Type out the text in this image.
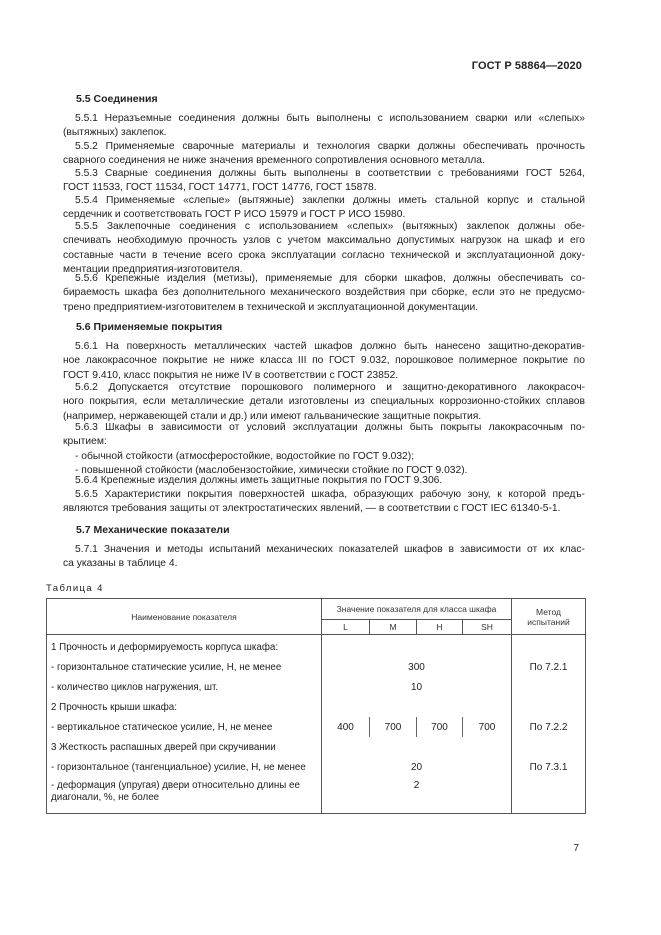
ГОСТ Р 58864—2020
5.5 Соединения
5.5.1 Неразъемные соединения должны быть выполнены с использованием сварки или «слепых»
(вытяжных) заклепок.
5.5.2 Применяемые сварочные материалы и технология сварки должны обеспечивать прочность
сварного соединения не ниже значения временного сопротивления основного металла.
5.5.3 Сварные соединения должны быть выполнены в соответствии с требованиями ГОСТ 5264,
ГОСТ 11533, ГОСТ 11534, ГОСТ 14771, ГОСТ 14776, ГОСТ 15878.
5.5.4 Применяемые «слепые» (вытяжные) заклепки должны иметь стальной корпус и стальной
сердечник и соответствовать ГОСТ Р ИСО 15979 и ГОСТ Р ИСО 15980.
5.5.5 Заклепочные соединения с использованием «слепых» (вытяжных) заклепок должны обе-
спечивать необходимую прочность узлов с учетом максимально допустимых нагрузок на шкаф и его
составные части в течение всего срока эксплуатации согласно технической и эксплуатационной доку-
ментации предприятия-изготовителя.
5.5.6 Крепежные изделия (метизы), применяемые для сборки шкафов, должны обеспечивать со-
бираемость шкафа без дополнительного механического воздействия при сборке, если это не предусмо-
трено предприятием-изготовителем в технической и эксплуатационной документации.
5.6 Применяемые покрытия
5.6.1 На поверхность металлических частей шкафов должно быть нанесено защитно-декоратив-
ное лакокрасочное покрытие не ниже класса III по ГОСТ 9.032, порошковое полимерное покрытие по
ГОСТ 9.410, класс покрытия не ниже IV в соответствии с ГОСТ 23852.
5.6.2 Допускается отсутствие порошкового полимерного и защитно-декоративного лакокрасоч-
ного покрытия, если металлические детали изготовлены из специальных коррозионно-стойких сплавов
(например, нержавеющей стали и др.) или имеют гальванические защитные покрытия.
5.6.3 Шкафы в зависимости от условий эксплуатации должны быть покрыты лакокрасочным по-
крытием:
- обычной стойкости (атмосферостойкие, водостойкие по ГОСТ 9.032);
- повышенной стойкости (маслобензостойкие, химически стойкие по ГОСТ 9.032).
5.6.4 Крепежные изделия должны иметь защитные покрытия по ГОСТ 9.306.
5.6.5 Характеристики покрытия поверхностей шкафа, образующих рабочую зону, к которой предъ-
являются требования защиты от электростатических явлений, — в соответствии с ГОСТ IEC 61340-5-1.
5.7 Механические показатели
5.7.1 Значения и методы испытаний механических показателей шкафов в зависимости от их клас-
са указаны в таблице 4.
Таблица 4
Наименование показателя	Значение показателя для класса шкафа				Метод испытаний
	L	M	H	SH	
1 Прочность и деформируемость корпуса шкафа:					
- горизонтальное статические усилие, Н, не менее	300				По 7.2.1
- количество циклов нагружения, шт.	10				
2 Прочность крыши шкафа:					
- вертикальное статическое усилие, Н, не менее	400	700	700	700	По 7.2.2
3 Жесткость распашных дверей при скручивании					
- горизонтальное (тангенциальное) усилие, Н, не менее	20				По 7.3.1
- деформация (упругая) двери относительно длины ее диагонали, %, не более	2				
7
